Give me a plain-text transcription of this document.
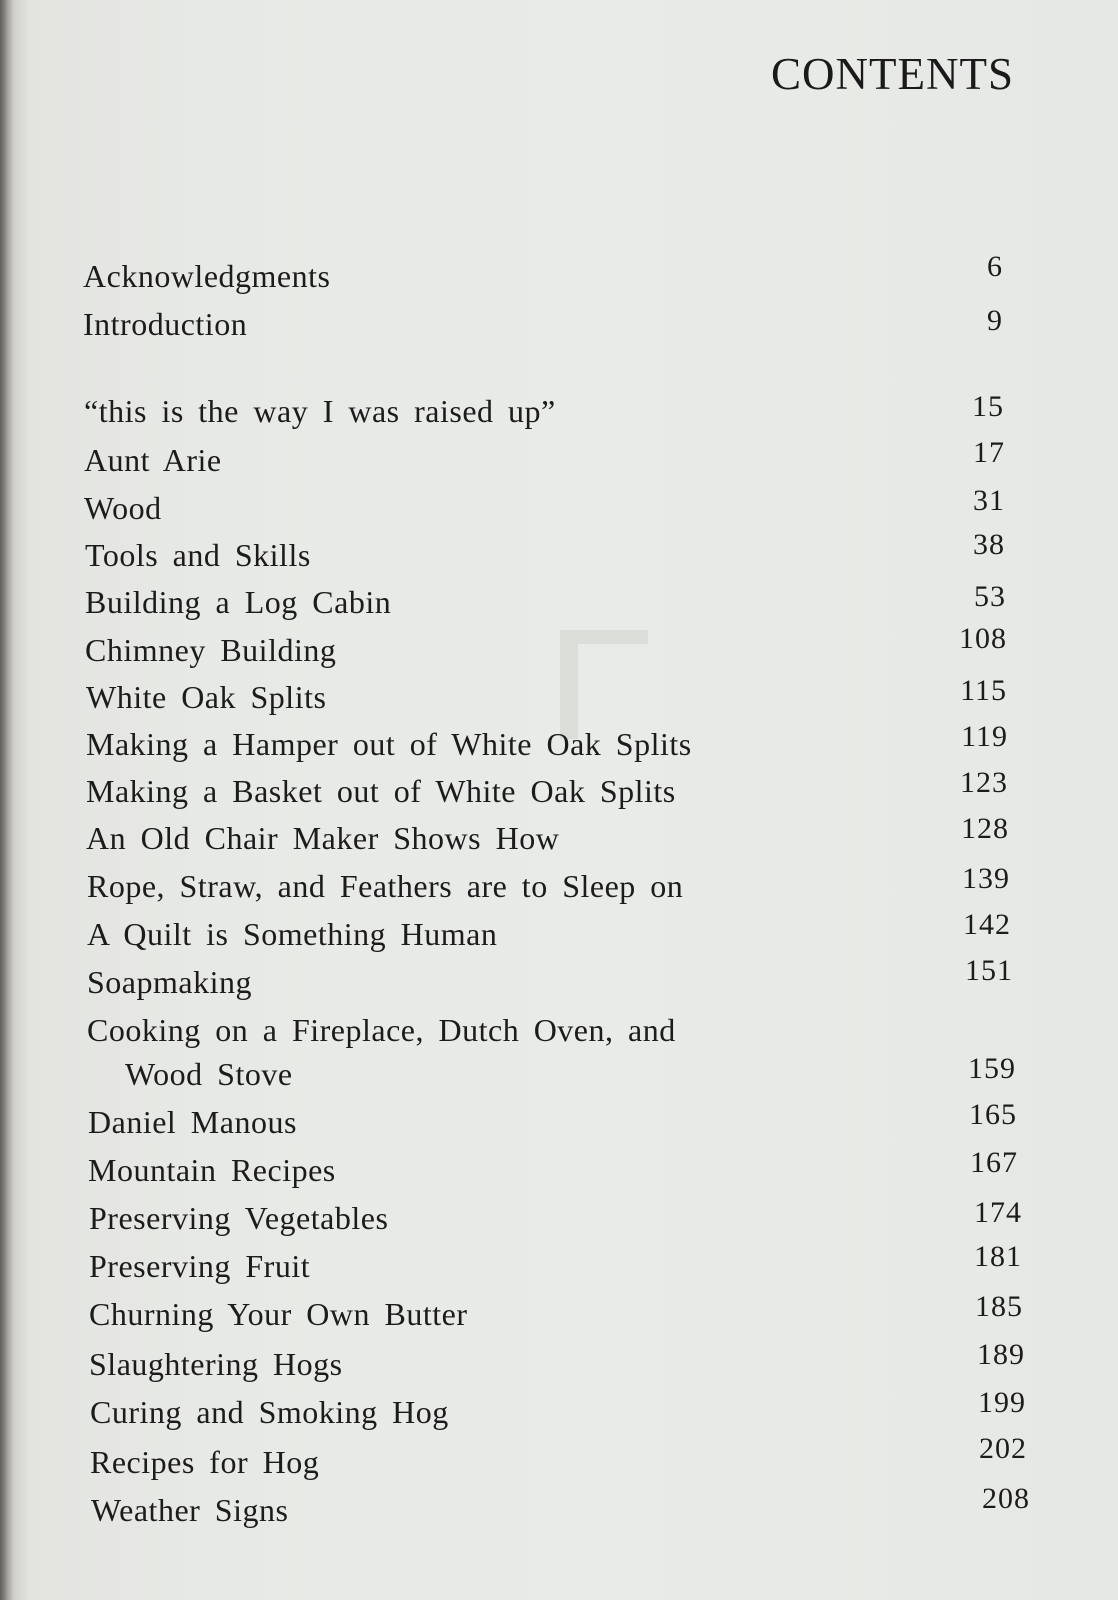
CONTENTS
Acknowledgments	6
Introduction	9
“this is the way I was raised up”	15
Aunt Arie	17
Wood	31
Tools and Skills	38
Building a Log Cabin	53
Chimney Building	108
White Oak Splits	115
Making a Hamper out of White Oak Splits	119
Making a Basket out of White Oak Splits	123
An Old Chair Maker Shows How	128
Rope, Straw, and Feathers are to Sleep on	139
A Quilt is Something Human	142
Soapmaking	151
Cooking on a Fireplace, Dutch Oven, and
Wood Stove	159
Daniel Manous	165
Mountain Recipes	167
Preserving Vegetables	174
Preserving Fruit	181
Churning Your Own Butter	185
Slaughtering Hogs	189
Curing and Smoking Hog	199
Recipes for Hog	202
Weather Signs	208
